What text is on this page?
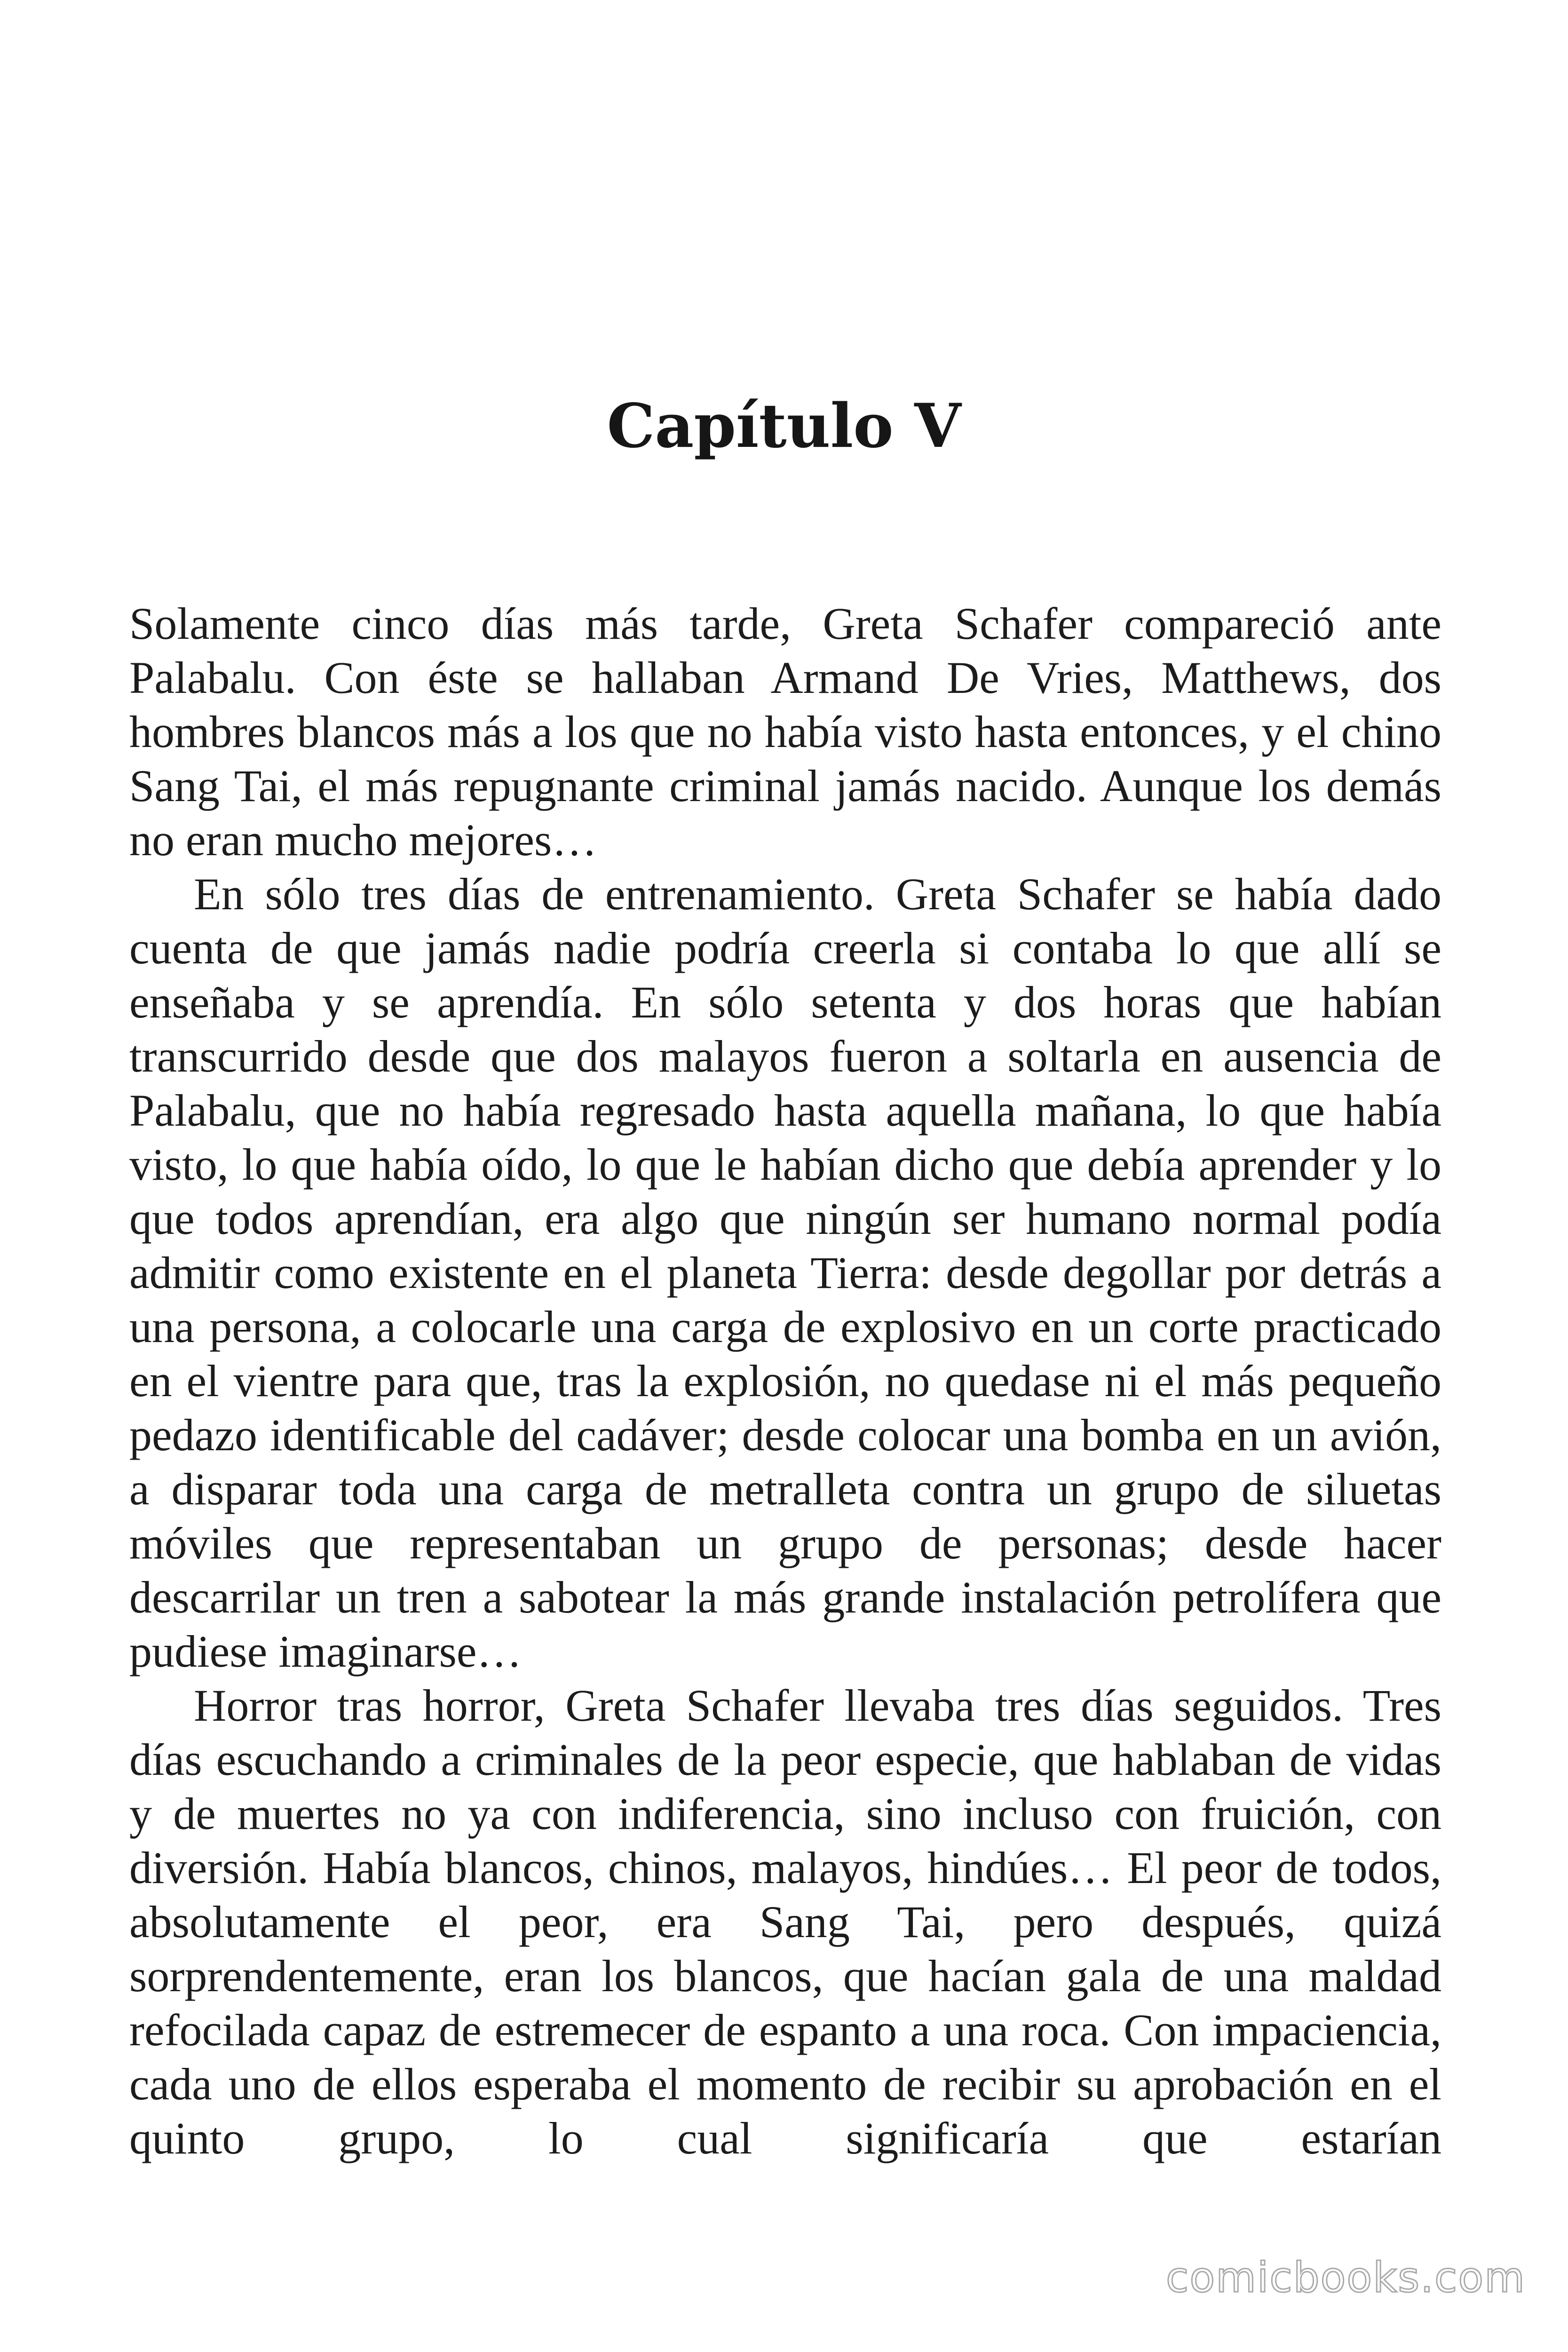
Capítulo V

Solamente cinco días más tarde, Greta Schafer compareció ante Palabalu. Con éste se hallaban Armand De Vries, Matthews, dos hombres blancos más a los que no había visto hasta entonces, y el chino Sang Tai, el más repugnante criminal jamás nacido. Aunque los demás no eran mucho mejores…

En sólo tres días de entrenamiento. Greta Schafer se había dado cuenta de que jamás nadie podría creerla si contaba lo que allí se enseñaba y se aprendía. En sólo setenta y dos horas que habían transcurrido desde que dos malayos fueron a soltarla en ausencia de Palabalu, que no había regresado hasta aquella mañana, lo que había visto, lo que había oído, lo que le habían dicho que debía aprender y lo que todos aprendían, era algo que ningún ser humano normal podía admitir como existente en el planeta Tierra: desde degollar por detrás a una persona, a colocarle una carga de explosivo en un corte practicado en el vientre para que, tras la explosión, no quedase ni el más pequeño pedazo identificable del cadáver; desde colocar una bomba en un avión, a disparar toda una carga de metralleta contra un grupo de siluetas móviles que representaban un grupo de personas; desde hacer descarrilar un tren a sabotear la más grande instalación petrolífera que pudiese imaginarse…

Horror tras horror, Greta Schafer llevaba tres días seguidos. Tres días escuchando a criminales de la peor especie, que hablaban de vidas y de muertes no ya con indiferencia, sino incluso con fruición, con diversión. Había blancos, chinos, malayos, hindúes… El peor de todos, absolutamente el peor, era Sang Tai, pero después, quizá sorprendentemente, eran los blancos, que hacían gala de una maldad refocilada capaz de estremecer de espanto a una roca. Con impaciencia, cada uno de ellos esperaba el momento de recibir su aprobación en el quinto grupo, lo cual significaría que estarían

comicbooks.com
